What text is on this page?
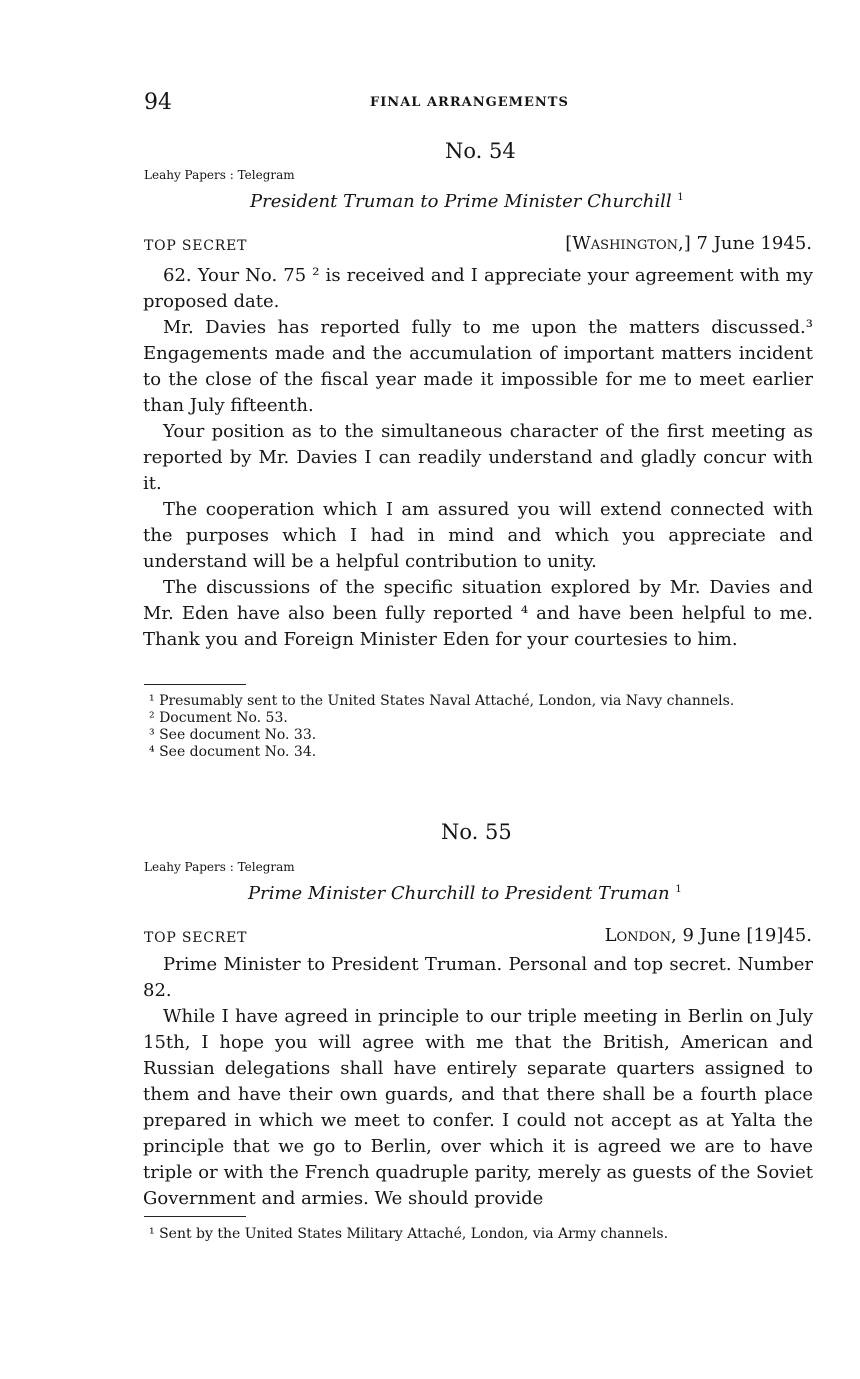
94	FINAL ARRANGEMENTS
No. 54
Leahy Papers : Telegram
President Truman to Prime Minister Churchill $^1$
TOP SECRET	[Washington,] 7 June 1945.

62. Your No. 75 ² is received and I appreciate your agreement with my proposed date.

Mr. Davies has reported fully to me upon the matters discussed.³ Engagements made and the accumulation of important matters incident to the close of the fiscal year made it impossible for me to meet earlier than July fifteenth.

Your position as to the simultaneous character of the first meeting as reported by Mr. Davies I can readily understand and gladly concur with it.

The cooperation which I am assured you will extend connected with the purposes which I had in mind and which you appreciate and understand will be a helpful contribution to unity.

The discussions of the specific situation explored by Mr. Davies and Mr. Eden have also been fully reported ⁴ and have been helpful to me. Thank you and Foreign Minister Eden for your courtesies to him.

¹ Presumably sent to the United States Naval Attaché, London, via Navy channels.

² Document No. 53.

³ See document No. 33.

⁴ See document No. 34.

No. 55
Leahy Papers : Telegram
Prime Minister Churchill to President Truman $^1$
TOP SECRET	London, 9 June [19]45.

Prime Minister to President Truman. Personal and top secret. Number 82.

While I have agreed in principle to our triple meeting in Berlin on July 15th, I hope you will agree with me that the British, American and Russian delegations shall have entirely separate quarters assigned to them and have their own guards, and that there shall be a fourth place prepared in which we meet to confer. I could not accept as at Yalta the principle that we go to Berlin, over which it is agreed we are to have triple or with the French quadruple parity, merely as guests of the Soviet Government and armies. We should provide

¹ Sent by the United States Military Attaché, London, via Army channels.
